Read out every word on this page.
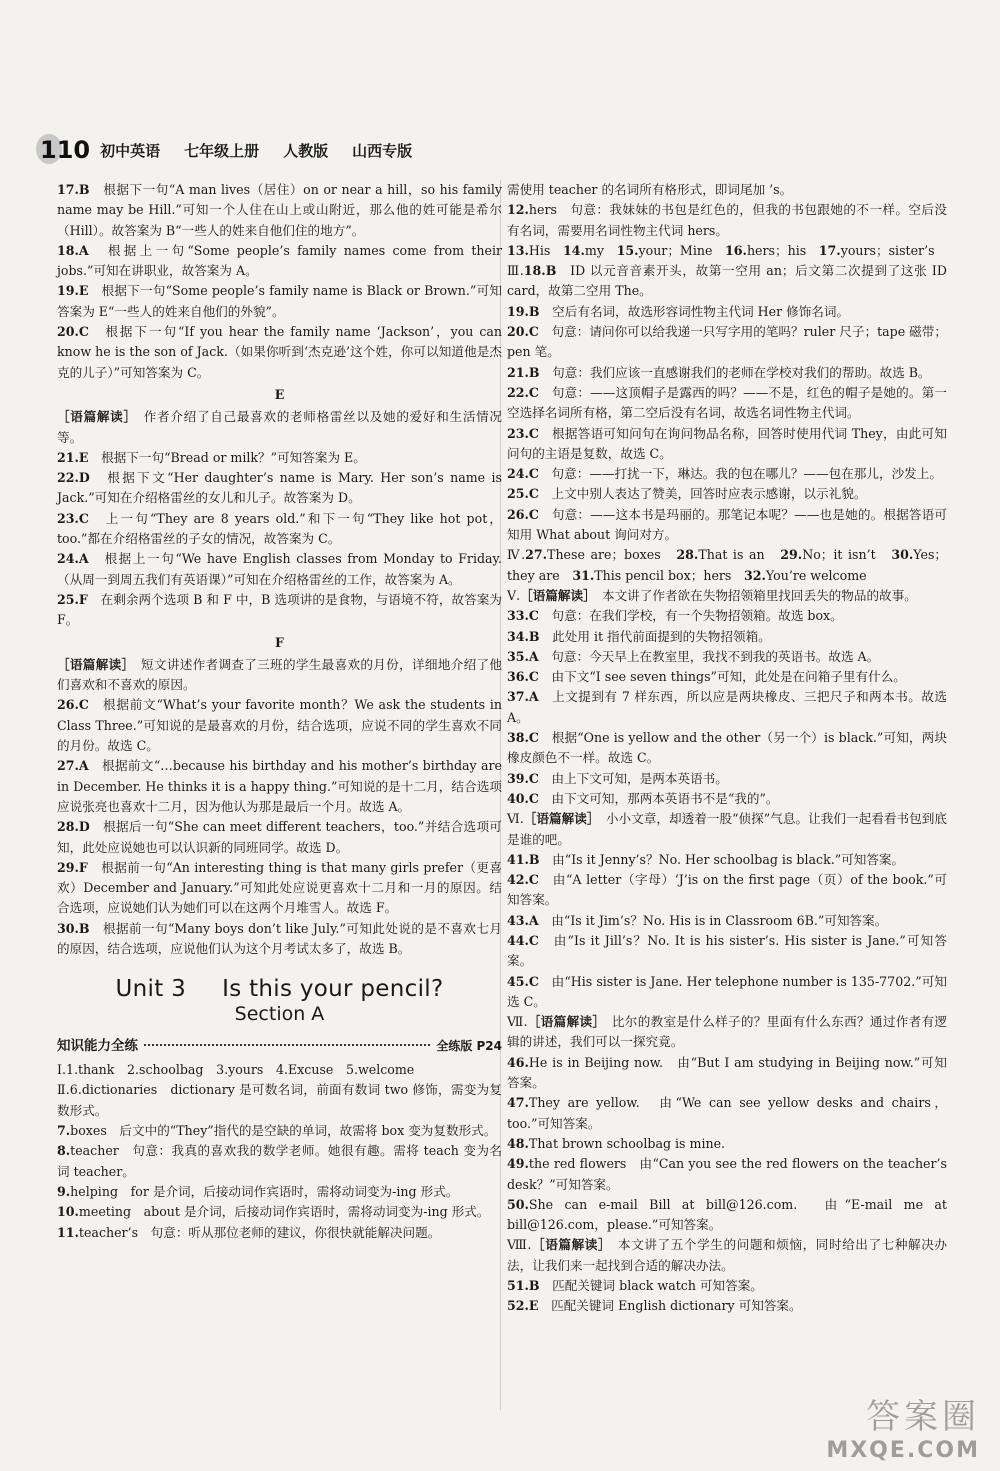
110 初中英语 七年级上册 人教版 山西专版

17.B　根据下一句“A man lives（居住）on or near a hill，so his family name may be Hill.”可知一个人住在山上或山附近，那么他的姓可能是希尔（Hill）。故答案为 B“一些人的姓来自他们住的地方”。

18.A　根据上一句“Some people’s family names come from their jobs.”可知在讲职业，故答案为 A。

19.E　根据下一句“Some people’s family name is Black or Brown.”可知答案为 E“一些人的姓来自他们的外貌”。

20.C　根据下一句“If you hear the family name ‘Jackson’，you can know he is the son of Jack.（如果你听到‘杰克逊’这个姓，你可以知道他是杰克的儿子）”可知答案为 C。

E

［语篇解读］　作者介绍了自己最喜欢的老师格雷丝以及她的爱好和生活情况等。

21.E　根据下一句“Bread or milk？”可知答案为 E。

22.D　根据下文“Her daughter’s name is Mary. Her son’s name is Jack.”可知在介绍格雷丝的女儿和儿子。故答案为 D。

23.C　上一句“They are 8 years old.”和下一句“They like hot pot，too.”都在介绍格雷丝的子女的情况，故答案为 C。

24.A　根据上一句“We have English classes from Monday to Friday.（从周一到周五我们有英语课）”可知在介绍格雷丝的工作，故答案为 A。

25.F　在剩余两个选项 B 和 F 中，B 选项讲的是食物，与语境不符，故答案为 F。

F

［语篇解读］　短文讲述作者调查了三班的学生最喜欢的月份，详细地介绍了他们喜欢和不喜欢的原因。

26.C　根据前文“What’s your favorite month？We ask the students in Class Three.”可知说的是最喜欢的月份，结合选项，应说不同的学生喜欢不同的月份。故选 C。

27.A　根据前文“…because his birthday and his mother’s birthday are in December. He thinks it is a happy thing.”可知说的是十二月，结合选项应说张亮也喜欢十二月，因为他认为那是最后一个月。故选 A。

28.D　根据后一句“She can meet different teachers，too.”并结合选项可知，此处应说她也可以认识新的同班同学。故选 D。

29.F　根据前一句“An interesting thing is that many girls prefer（更喜欢）December and January.”可知此处应说更喜欢十二月和一月的原因。结合选项，应说她们认为她们可以在这两个月堆雪人。故选 F。

30.B　根据前一句“Many boys don’t like July.”可知此处说的是不喜欢七月的原因，结合选项，应说他们认为这个月考试太多了，故选 B。

Unit 3 Is this your pencil?
Section A
知识能力全练	全练版 P24

Ⅰ.1.thank　2.schoolbag　3.yours　4.Excuse　5.welcome

Ⅱ.6.dictionaries　dictionary 是可数名词，前面有数词 two 修饰，需变为复数形式。

7.boxes　后文中的“They”指代的是空缺的单词，故需将 box 变为复数形式。

8.teacher　句意：我真的喜欢我的数学老师。她很有趣。需将 teach 变为名词 teacher。

9.helping　for 是介词，后接动词作宾语时，需将动词变为-ing 形式。

10.meeting　about 是介词，后接动词作宾语时，需将动词变为-ing 形式。

11.teacher’s　句意：听从那位老师的建议，你很快就能解决问题。

需使用 teacher 的名词所有格形式，即词尾加 ’s。

12.hers　句意：我妹妹的书包是红色的，但我的书包跟她的不一样。空后没有名词，需要用名词性物主代词 hers。

13.His　14.my　15.your；Mine　16.hers；his　17.yours；sister’s

Ⅲ.18.B　ID 以元音音素开头，故第一空用 an；后文第二次提到了这张 ID card，故第二空用 The。

19.B　空后有名词，故选形容词性物主代词 Her 修饰名词。

20.C　句意：请问你可以给我递一只写字用的笔吗？ruler 尺子；tape 磁带；pen 笔。

21.B　句意：我们应该一直感谢我们的老师在学校对我们的帮助。故选 B。

22.C　句意：——这顶帽子是露西的吗？——不是，红色的帽子是她的。第一空选择名词所有格，第二空后没有名词，故选名词性物主代词。

23.C　根据答语可知问句在询问物品名称，回答时使用代词 They，由此可知问句的主语是复数，故选 C。

24.C　句意：——打扰一下，琳达。我的包在哪儿？——包在那儿，沙发上。

25.C　上文中别人表达了赞美，回答时应表示感谢，以示礼貌。

26.C　句意：——这本书是玛丽的。那笔记本呢？——也是她的。根据答语可知用 What about 询问对方。

Ⅳ.27.These are；boxes　28.That is an　29.No；it isn’t　30.Yes；they are　31.This pencil box；hers　32.You’re welcome

Ⅴ.［语篇解读］　本文讲了作者欲在失物招领箱里找回丢失的物品的故事。

33.C　句意：在我们学校，有一个失物招领箱。故选 box。

34.B　此处用 it 指代前面提到的失物招领箱。

35.A　句意：今天早上在教室里，我找不到我的英语书。故选 A。

36.C　由下文“I see seven things”可知，此处是在问箱子里有什么。

37.A　上文提到有 7 样东西，所以应是两块橡皮、三把尺子和两本书。故选 A。

38.C　根据“One is yellow and the other（另一个）is black.”可知，两块橡皮颜色不一样。故选 C。

39.C　由上下文可知，是两本英语书。

40.C　由下文可知，那两本英语书不是“我的”。

Ⅵ.［语篇解读］　小小文章，却透着一股“侦探”气息。让我们一起看看书包到底是谁的吧。

41.B　由“Is it Jenny’s？No. Her schoolbag is black.”可知答案。

42.C　由“A letter（字母）‘J’is on the first page（页）of the book.”可知答案。

43.A　由“Is it Jim’s？No. His is in Classroom 6B.”可知答案。

44.C　由“Is it Jill’s？No. It is his sister’s. His sister is Jane.”可知答案。

45.C　由“His sister is Jane. Her telephone number is 135-7702.”可知选 C。

Ⅶ.［语篇解读］　比尔的教室是什么样子的？里面有什么东西？通过作者有逻辑的讲述，我们可以一探究竟。

46.He is in Beijing now.　由“But I am studying in Beijing now.”可知答案。

47.They are yellow.　由“We can see yellow desks and chairs，too.”可知答案。

48.That brown schoolbag is mine.

49.the red flowers　由“Can you see the red flowers on the teacher’s desk？”可知答案。

50.She can e-mail Bill at bill@126.com.　由“E-mail me at bill@126.com，please.”可知答案。

Ⅷ.［语篇解读］　本文讲了五个学生的问题和烦恼，同时给出了七种解决办法，让我们来一起找到合适的解决办法。

51.B　匹配关键词 black watch 可知答案。

52.E　匹配关键词 English dictionary 可知答案。

答案圈
MXQE.COM
